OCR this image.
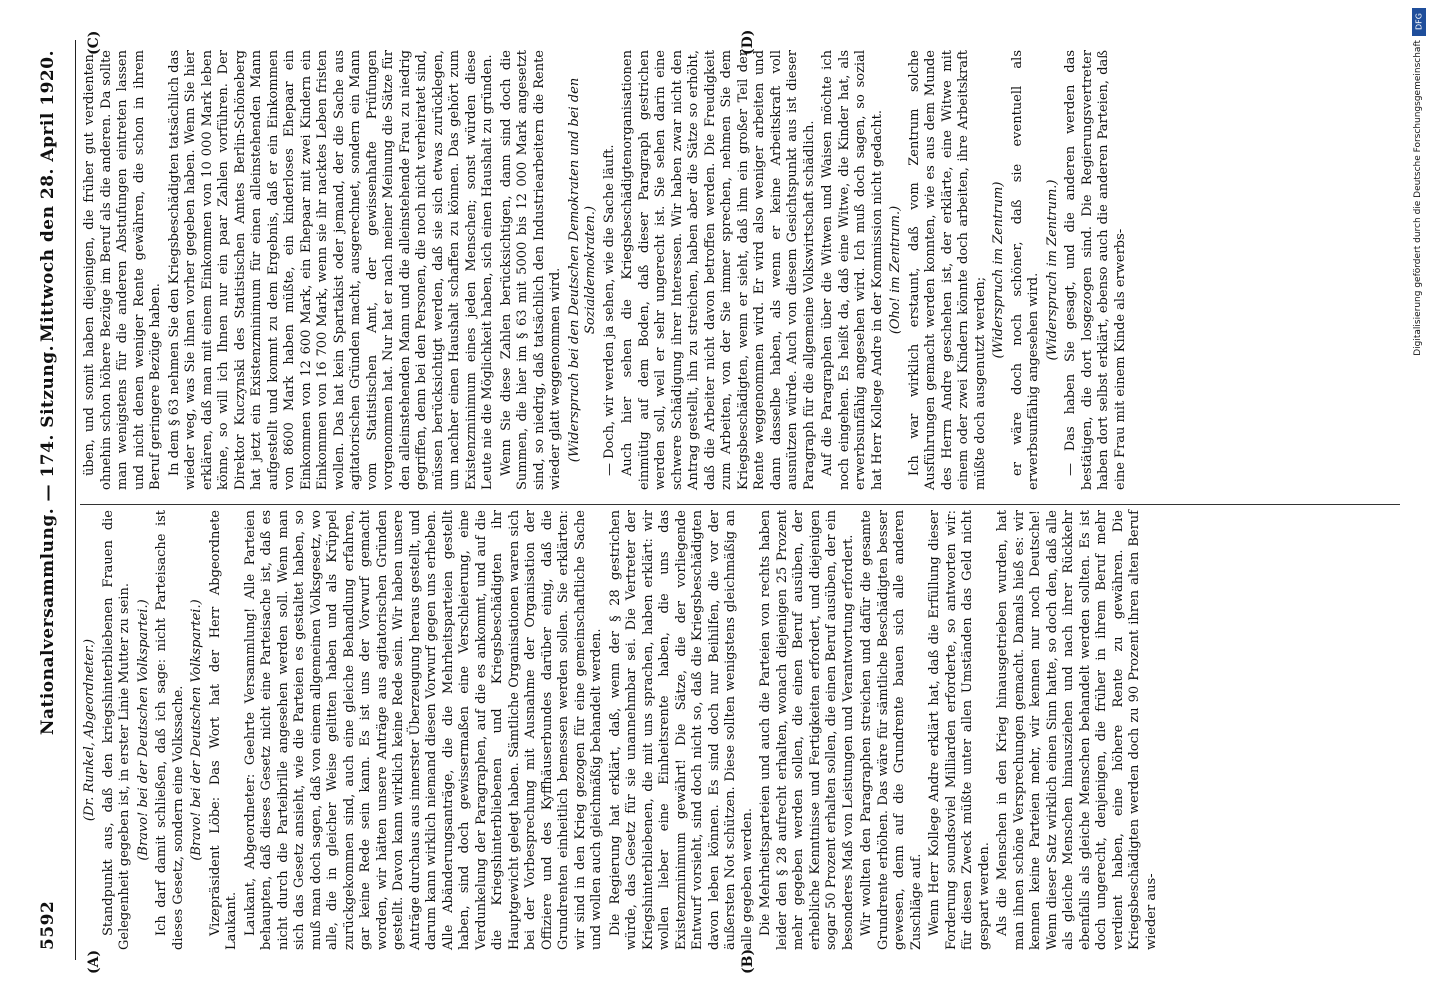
5592
Nationalversammlung. — 174. Sitzung.
Mittwoch den 28. April 1920.
(A)	(B)
(C)	(D)

(Dr. Runkel, Abgeordneter.) Standpunkt aus, daß den kriegshinterbliebenen Frauen die Gelegenheit gegeben ist, in erster Linie Mutter zu sein. (Bravo! bei der Deutschen Volkspartei.) Ich darf damit schließen, daß ich sage: nicht Parteisache ist dieses Gesetz, sondern eine Volkssache. (Bravo! bei der Deutschen Volkspartei.) Vizepräsident Löbe: Das Wort hat der Herr Abgeordnete Laukant. Laukant, Abgeordneter: Geehrte Versammlung! Alle Parteien behaupten, daß dieses Gesetz nicht eine Parteisache ist, daß es nicht durch die Parteibrille angesehen werden soll. Wenn man sich das Gesetz ansieht, wie die Parteien es gestaltet haben, so muß man doch sagen, daß von einem allgemeinen Volksgesetz, wo alle, die in gleicher Weise gelitten haben und als Krüppel zurückgekommen sind, auch eine gleiche Behandlung erfahren, gar keine Rede sein kann. Es ist uns der Vorwurf gemacht worden, wir hätten unsere Anträge aus agitatorischen Gründen gestellt. Davon kann wirklich keine Rede sein. Wir haben unsere Anträge durchaus aus innerster Überzeugung heraus gestellt, und darum kann wirklich niemand diesen Vorwurf gegen uns erheben. Alle Abänderungsanträge, die die Mehrheitsparteien gestellt haben, sind doch gewissermaßen eine Verschleierung, eine Verdunkelung der Paragraphen, auf die es ankommt, und auf die die Kriegshinterbliebenen und Kriegsbeschädigten ihr Hauptgewicht gelegt haben. Sämtliche Organisationen waren sich bei der Vorbesprechung mit Ausnahme der Organisation der Offiziere und des Kyffhäuserbundes darüber einig, daß die Grundrenten einheitlich bemessen werden sollen. Sie erklärten: wir sind in den Krieg gezogen für eine gemeinschaftliche Sache und wollen auch gleichmäßig behandelt werden. Die Regierung hat erklärt, daß, wenn der § 28 gestrichen würde, das Gesetz für sie unannehmbar sei. Die Vertreter der Kriegshinterbliebenen, die mit uns sprachen, haben erklärt: wir wollen lieber eine Einheitsrente haben, die uns das Existenzminimum gewährt! Die Sätze, die der vorliegende Entwurf vorsieht, sind doch nicht so, daß die Kriegsbeschädigten davon leben können. Es sind doch nur Beihilfen, die vor der äußersten Not schützen. Diese sollten wenigstens gleichmäßig an alle gegeben werden. Die Mehrheitsparteien und auch die Parteien von rechts haben leider den § 28 aufrecht erhalten, wonach diejenigen 25 Prozent mehr gegeben werden sollen, die einen Beruf ausüben, der erhebliche Kenntnisse und Fertigkeiten erfordert, und diejenigen sogar 50 Prozent erhalten sollen, die einen Beruf ausüben, der ein besonderes Maß von Leistungen und Verantwortung erfordert. Wir wollten den Paragraphen streichen und dafür die gesamte Grundrente erhöhen. Das wäre für sämtliche Beschädigten besser gewesen, denn auf die Grundrente bauen sich alle anderen Zuschläge auf. Wenn Herr Kollege Andre erklärt hat, daß die Erfüllung dieser Forderung soundsoviel Milliarden erforderte, so antworten wir: für diesen Zweck müßte unter allen Umständen das Geld nicht gespart werden. Als die Menschen in den Krieg hinausgetrieben wurden, hat man ihnen schöne Versprechungen gemacht. Damals hieß es: wir kennen keine Parteien mehr, wir kennen nur noch Deutsche! Wenn dieser Satz wirklich einen Sinn hatte, so doch den, daß alle als gleiche Menschen hinausziehen und nach ihrer Rückkehr ebenfalls als gleiche Menschen behandelt werden sollten. Es ist doch ungerecht, denjenigen, die früher in ihrem Beruf mehr verdient haben, eine höhere Rente zu gewähren. Die Kriegsbeschädigten werden doch zu 90 Prozent ihren alten Beruf wieder aus-

üben, und somit haben diejenigen, die früher gut verdienten, ohnehin schon höhere Bezüge im Beruf als die anderen. Da sollte man wenigstens für die anderen Abstufungen eintreten lassen und nicht denen weniger Rente gewähren, die schon in ihrem Beruf geringere Bezüge haben. In dem § 63 nehmen Sie den Kriegsbeschädigten tatsächlich das wieder weg, was Sie ihnen vorher gegeben haben. Wenn Sie hier erklären, daß man mit einem Einkommen von 10 000 Mark leben könne, so will ich Ihnen nur ein paar Zahlen vorführen. Der Direktor Kuczynski des Statistischen Amtes Berlin-Schöneberg hat jetzt ein Existenzminimum für einen alleinstehenden Mann aufgestellt und kommt zu dem Ergebnis, daß er ein Einkommen von 8600 Mark haben müßte, ein kinderloses Ehepaar ein Einkommen von 12 600 Mark, ein Ehepaar mit zwei Kindern ein Einkommen von 16 700 Mark, wenn sie ihr nacktes Leben fristen wollen. Das hat kein Spartakist oder jemand, der die Sache aus agitatorischen Gründen macht, ausgerechnet, sondern ein Mann vom Statistischen Amt, der gewissenhafte Prüfungen vorgenommen hat. Nur hat er nach meiner Meinung die Sätze für den alleinstehenden Mann und die alleinstehende Frau zu niedrig gegriffen, denn bei den Personen, die noch nicht verheiratet sind, müssen berücksichtigt werden, daß sie sich etwas zurücklegen, um nachher einen Haushalt schaffen zu können. Das gehört zum Existenzminimum eines jeden Menschen; sonst würden diese Leute nie die Möglichkeit haben, sich einen Haushalt zu gründen. Wenn Sie diese Zahlen berücksichtigen, dann sind doch die Summen, die hier im § 63 mit 5000 bis 12 000 Mark angesetzt sind, so niedrig, daß tatsächlich den Industriearbeitern die Rente wieder glatt weggenommen wird. (Widerspruch bei den Deutschen Demokraten und bei den Sozialdemokraten.) — Doch, wir werden ja sehen, wie die Sache läuft. Auch hier sehen die Kriegsbeschädigtenorganisationen einmütig auf dem Boden, daß dieser Paragraph gestrichen werden soll, weil er sehr ungerecht ist. Sie sehen darin eine schwere Schädigung ihrer Interessen. Wir haben zwar nicht den Antrag gestellt, ihn zu streichen, haben aber die Sätze so erhöht, daß die Arbeiter nicht davon betroffen werden. Die Freudigkeit zum Arbeiten, von der Sie immer sprechen, nehmen Sie dem Kriegsbeschädigten, wenn er sieht, daß ihm ein großer Teil der Rente weggenommen wird. Er wird also weniger arbeiten und dann dasselbe haben, als wenn er keine Arbeitskraft voll ausnützen würde. Auch von diesem Gesichtspunkt aus ist dieser Paragraph für die allgemeine Volkswirtschaft schädlich. Auf die Paragraphen über die Witwen und Waisen möchte ich noch eingehen. Es heißt da, daß eine Witwe, die Kinder hat, als erwerbsunfähig angesehen wird. Ich muß doch sagen, so sozial hat Herr Kollege Andre in der Kommission nicht gedacht. (Oho! im Zentrum.) Ich war wirklich erstaunt, daß vom Zentrum solche Ausführungen gemacht werden konnten, wie es aus dem Munde des Herrn Andre geschehen ist, der erklärte, eine Witwe mit einem oder zwei Kindern könnte doch arbeiten, ihre Arbeitskraft müßte doch ausgenutzt werden;

(Widerspruch im Zentrum) er wäre doch noch schöner, daß sie eventuell als erwerbsunfähig angesehen wird.

(Widerspruch im Zentrum.) — Das haben Sie gesagt, und die anderen werden das bestätigen, die dort losgezogen sind. Die Regierungsvertreter haben dort selbst erklärt, ebenso auch die anderen Parteien, daß eine Frau mit einem Kinde als erwerbs-

DFG
Digitalisierung gefördert durch die Deutsche Forschungsgemeinschaft
